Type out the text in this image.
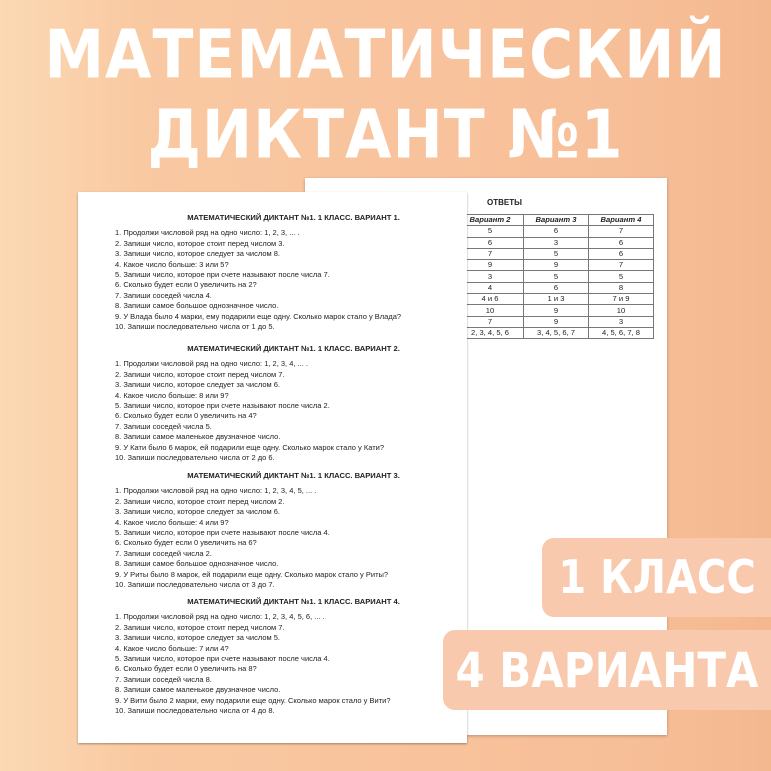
МАТЕМАТИЧЕСКИЙ
ДИКТАНТ №1
ОТВЕТЫ
Вариант 2	Вариант 3	Вариант 4
5	6	7
6	3	6
7	5	6
9	9	7
3	5	5
4	6	8
4 и 6	1 и 3	7 и 9
10	9	10
7	9	3
2, 3, 4, 5, 6	3, 4, 5, 6, 7	4, 5, 6, 7, 8
МАТЕМАТИЧЕСКИЙ ДИКТАНТ №1. 1 КЛАСС. ВАРИАНТ 1.
1. Продолжи числовой ряд на одно число: 1, 2, 3, ... .
2. Запиши число, которое стоит перед числом 3.
3. Запиши число, которое следует за числом 8.
4. Какое число больше: 3 или 5?
5. Запиши число, которое при счете называют после числа 7.
6. Сколько будет если 0 увеличить на 2?
7. Запиши соседей числа 4.
8. Запиши самое большое однозначное число.
9. У Влада было 4 марки, ему подарили еще одну. Сколько марок стало у Влада?
10. Запиши последовательно числа от 1 до 5.
МАТЕМАТИЧЕСКИЙ ДИКТАНТ №1. 1 КЛАСС. ВАРИАНТ 2.
1. Продолжи числовой ряд на одно число: 1, 2, 3, 4, ... .
2. Запиши число, которое стоит перед числом 7.
3. Запиши число, которое следует за числом 6.
4. Какое число больше: 8 или 9?
5. Запиши число, которое при счете называют после числа 2.
6. Сколько будет если 0 увеличить на 4?
7. Запиши соседей числа 5.
8. Запиши самое маленькое двузначное число.
9. У Кати было 6 марок, ей подарили еще одну. Сколько марок стало у Кати?
10. Запиши последовательно числа от 2 до 6.
МАТЕМАТИЧЕСКИЙ ДИКТАНТ №1. 1 КЛАСС. ВАРИАНТ 3.
1. Продолжи числовой ряд на одно число: 1, 2, 3, 4, 5, ... .
2. Запиши число, которое стоит перед числом 2.
3. Запиши число, которое следует за числом 6.
4. Какое число больше: 4 или 9?
5. Запиши число, которое при счете называют после числа 4.
6. Сколько будет если 0 увеличить на 6?
7. Запиши соседей числа 2.
8. Запиши самое большое однозначное число.
9. У Риты было 8 марок, ей подарили еще одну. Сколько марок стало у Риты?
10. Запиши последовательно числа от 3 до 7.
МАТЕМАТИЧЕСКИЙ ДИКТАНТ №1. 1 КЛАСС. ВАРИАНТ 4.
1. Продолжи числовой ряд на одно число: 1, 2, 3, 4, 5, 6, ... .
2. Запиши число, которое стоит перед числом 7.
3. Запиши число, которое следует за числом 5.
4. Какое число больше: 7 или 4?
5. Запиши число, которое при счете называют после числа 4.
6. Сколько будет если 0 увеличить на 8?
7. Запиши соседей числа 8.
8. Запиши самое маленькое двузначное число.
9. У Вити было 2 марки, ему подарили еще одну. Сколько марок стало у Вити?
10. Запиши последовательно числа от 4 до 8.
1 КЛАСС
4 ВАРИАНТА
